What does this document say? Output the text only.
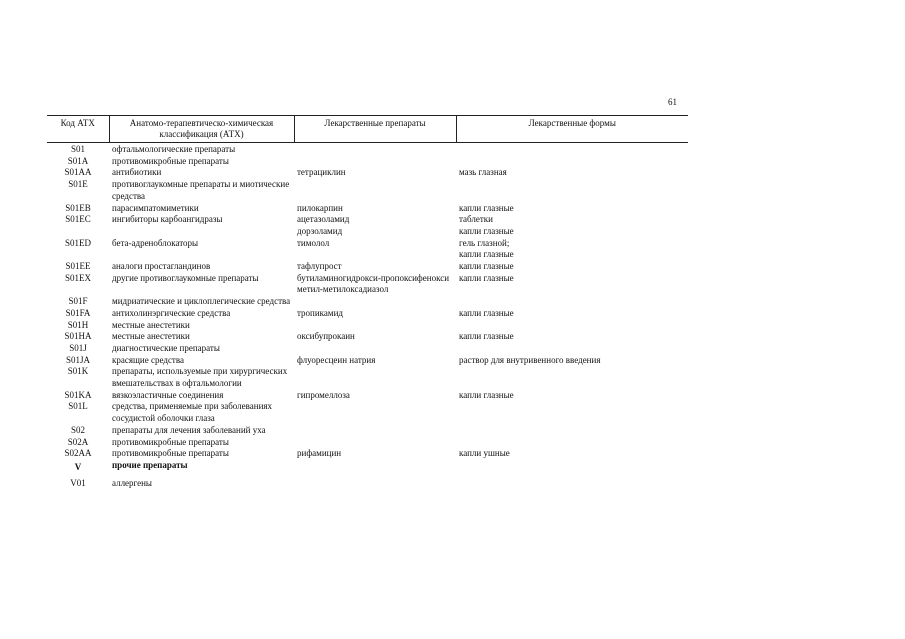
61
Код АТХ	Анатомо-терапевтическо-химическая классификация (АТХ)	Лекарственные препараты	Лекарственные формы
S01	офтальмологические препараты		
S01A	противомикробные препараты		
S01AA	антибиотики	тетрациклин	мазь глазная
S01E	противоглаукомные препараты и миотические средства		
S01EB	парасимпатомиметики	пилокарпин	капли глазные
S01EC	ингибиторы карбоангидразы	ацетазоламид	таблетки
		дорзоламид	капли глазные
S01ED	бета-адреноблокаторы	тимолол	гель глазной;
			капли глазные
S01EE	аналоги простагландинов	тафлупрост	капли глазные
S01EX	другие противоглаукомные препараты	бутиламиногидрокси-пропоксифеноксиметил-метилоксадиазол	капли глазные
S01F	мидриатические и циклоплегические средства		
S01FA	антихолинэргические средства	тропикамид	капли глазные
S01H	местные анестетики		
S01HA	местные анестетики	оксибупрокаин	капли глазные
S01J	диагностические препараты		
S01JA	красящие средства	флуоресцеин натрия	раствор для внутривенного введения
S01K	препараты, используемые при хирургических вмешательствах в офтальмологии		
S01KA	вязкоэластичные соединения	гипромеллоза	капли глазные
S01L	средства, применяемые при заболеваниях сосудистой оболочки глаза		
S02	препараты для лечения заболеваний уха		
S02A	противомикробные препараты		
S02AA	противомикробные препараты	рифамицин	капли ушные
V	прочие препараты		
V01	аллергены		
